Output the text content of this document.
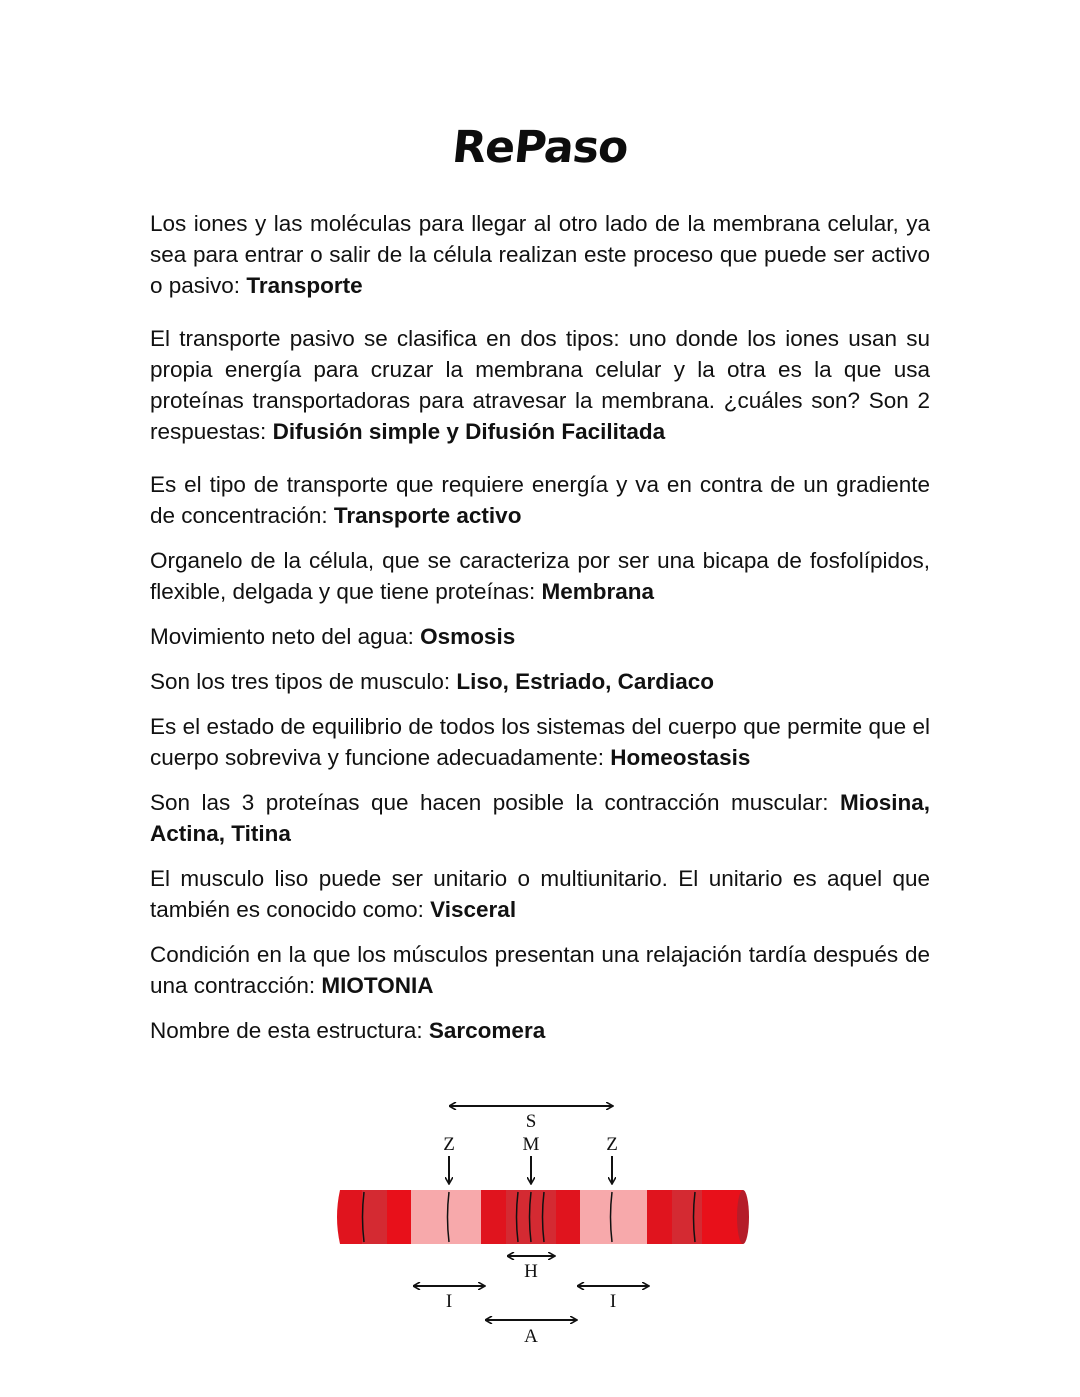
RePaso

Los iones y las moléculas para llegar al otro lado de la membrana celular, ya sea para entrar o salir de la célula realizan este proceso que puede ser activo o pasivo: Transporte

El transporte pasivo se clasifica en dos tipos: uno donde los iones usan su propia energía para cruzar la membrana celular y la otra es la que usa proteínas transportadoras para atravesar la membrana. ¿cuáles son? Son 2 respuestas: Difusión simple y Difusión Facilitada

Es el tipo de transporte que requiere energía y va en contra de un gradiente de concentración: Transporte activo

Organelo de la célula, que se caracteriza por ser una bicapa de fosfolípidos, flexible, delgada y que tiene proteínas: Membrana

Movimiento neto del agua: Osmosis

Son los tres tipos de musculo: Liso, Estriado, Cardiaco

Es el estado de equilibrio de todos los sistemas del cuerpo que permite que el cuerpo sobreviva y funcione adecuadamente: Homeostasis

Son las 3 proteínas que hacen posible la contracción muscular: Miosina, Actina, Titina

El musculo liso puede ser unitario o multiunitario. El unitario es aquel que también es conocido como: Visceral

Condición en la que los músculos presentan una relajación tardía después de una contracción: MIOTONIA

Nombre de esta estructura: Sarcomera

S
Z	M	Z
H
I	I
A
